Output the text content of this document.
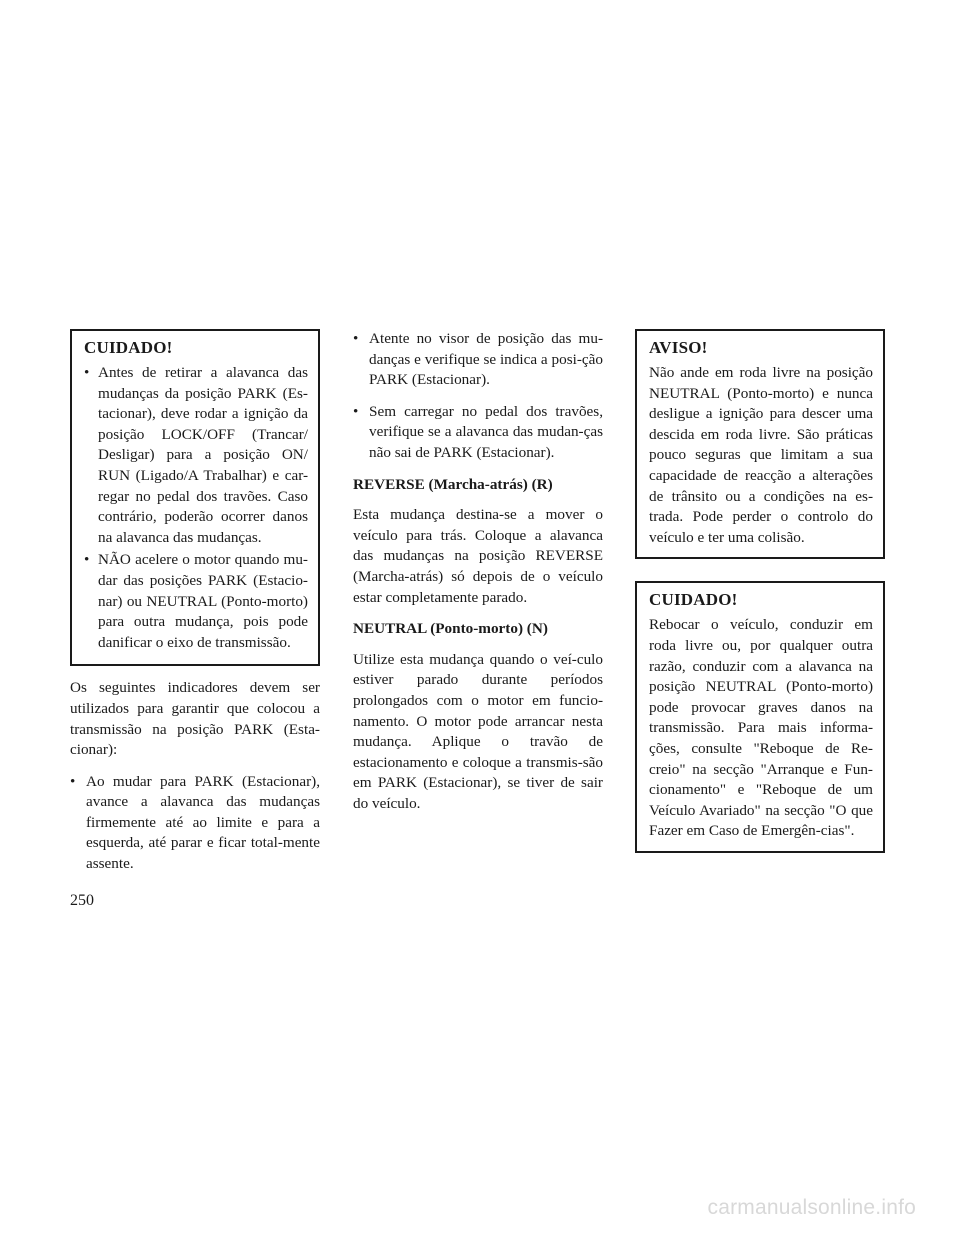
CUIDADO!
• Antes de retirar a alavanca das mudanças da posição PARK (Es-tacionar), deve rodar a ignição da posição LOCK/OFF (Trancar/ Desligar) para a posição ON/ RUN (Ligado/A Trabalhar) e car-regar no pedal dos travões. Caso contrário, poderão ocorrer danos na alavanca das mudanças.
• NÃO acelere o motor quando mu-dar das posições PARK (Estacio-nar) ou NEUTRAL (Ponto-morto) para outra mudança, pois pode danificar o eixo de transmissão.

Os seguintes indicadores devem ser utilizados para garantir que colocou a transmissão na posição PARK (Esta-cionar):

• Ao mudar para PARK (Estacionar), avance a alavanca das mudanças firmemente até ao limite e para a esquerda, até parar e ficar total-mente assente.
• Atente no visor de posição das mu-danças e verifique se indica a posi-ção PARK (Estacionar).
• Sem carregar no pedal dos travões, verifique se a alavanca das mudan-ças não sai de PARK (Estacionar).
REVERSE (Marcha-atrás) (R)

Esta mudança destina-se a mover o veículo para trás. Coloque a alavanca das mudanças na posição REVERSE (Marcha-atrás) só depois de o veículo estar completamente parado.

NEUTRAL (Ponto-morto) (N)

Utilize esta mudança quando o veí-culo estiver parado durante períodos prolongados com o motor em funcio-namento. O motor pode arrancar nesta mudança. Aplique o travão de estacionamento e coloque a transmis-são em PARK (Estacionar), se tiver de sair do veículo.

AVISO!

Não ande em roda livre na posição NEUTRAL (Ponto-morto) e nunca desligue a ignição para descer uma descida em roda livre. São práticas pouco seguras que limitam a sua capacidade de reacção a alterações de trânsito ou a condições na es-trada. Pode perder o controlo do veículo e ter uma colisão.

CUIDADO!

Rebocar o veículo, conduzir em roda livre ou, por qualquer outra razão, conduzir com a alavanca na posição NEUTRAL (Ponto-morto) pode provocar graves danos na transmissão. Para mais informa-ções, consulte "Reboque de Re-creio" na secção "Arranque e Fun-cionamento" e "Reboque de um Veículo Avariado" na secção "O que Fazer em Caso de Emergên-cias".

250
carmanualsonline.info
